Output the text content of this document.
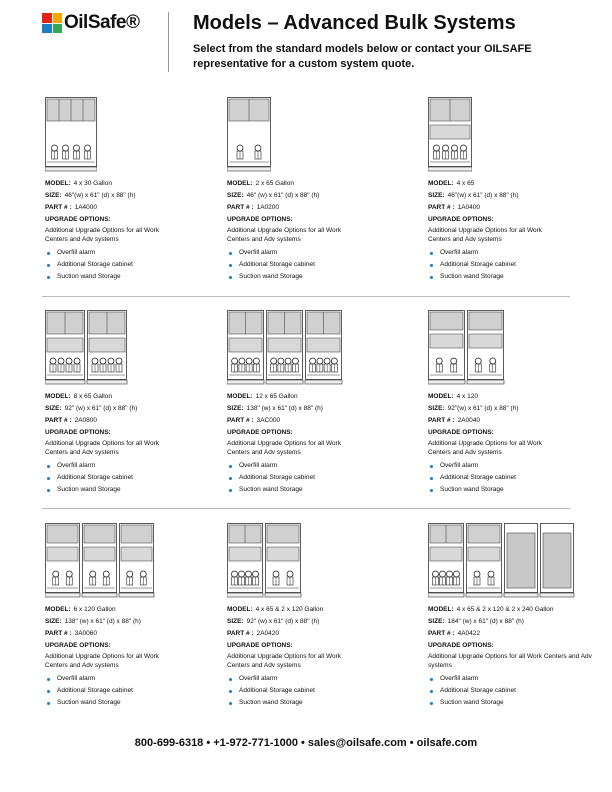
OilSafe ®	Models – Advanced Bulk Systems

Select from the standard models below or contact your OILSAFE representative for a custom system quote.

MODEL: 4 x 30 Gallon
SIZE: 46"(w) x 61" (d) x 88" (h)
PART # : 1A4000
UPGRADE OPTIONS:
Additional Upgrade Options for all Work Centers and Adv systems
Overfill alarm
Additional Storage cabinet
Suction wand Storage
MODEL: 2 x 65 Gallon
SIZE: 46" (w) x 61" (d) x 88" (h)
PART # : 1A0200
UPGRADE OPTIONS:
Additional Upgrade Options for all Work Centers and Adv systems
Overfill alarm
Additional Storage cabinet
Suction wand Storage
MODEL: 4 x 65
SIZE: 46"(w) x 61" (d) x 88" (h)
PART # : 1A0400
UPGRADE OPTIONS:
Additional Upgrade Options for all Work Centers and Adv systems
Overfill alarm
Additional Storage cabinet
Suction wand Storage
MODEL: 8 x 65 Gallon
SIZE: 92" (w) x 61" (d) x 88" (h)
PART # : 2A0800
UPGRADE OPTIONS:
Additional Upgrade Options for all Work Centers and Adv systems
Overfill alarm
Additional Storage cabinet
Suction wand Storage
MODEL: 12 x 65 Gallon
SIZE: 138" (w) x 61" (d) x 88" (h)
PART # : 3AC000
UPGRADE OPTIONS:
Additional Upgrade Options for all Work Centers and Adv systems
Overfill alarm
Additional Storage cabinet
Suction wand Storage
MODEL: 4 x 120
SIZE: 92"(w) x 61" (d) x 88" (h)
PART # : 2A0040
UPGRADE OPTIONS:
Additional Upgrade Options for all Work Centers and Adv systems
Overfill alarm
Additional Storage cabinet
Suction wand Storage
MODEL: 6 x 120 Gallon
SIZE: 138" (w) x 61" (d) x 88" (h)
PART # : 3A0060
UPGRADE OPTIONS:
Additional Upgrade Options for all Work Centers and Adv systems
Overfill alarm
Additional Storage cabinet
Suction wand Storage
MODEL: 4 x 65 & 2 x 120 Gallon
SIZE: 92" (w) x 61" (d) x 88" (h)
PART # : 2A0420
UPGRADE OPTIONS:
Additional Upgrade Options for all Work Centers and Adv systems
Overfill alarm
Additional Storage cabinet
Suction wand Storage
MODEL: 4 x 65 & 2 x 120 & 2 x 240 Gallon
SIZE: 184" (w) x 61" (d) x 88" (h)
PART # : 4A0422
UPGRADE OPTIONS:
Additional Upgrade Options for all Work Centers and Adv systems
Overfill alarm
Additional Storage cabinet
Suction wand Storage
800-699-6318 • +1-972-771-1000 • sales@oilsafe.com • oilsafe.com
